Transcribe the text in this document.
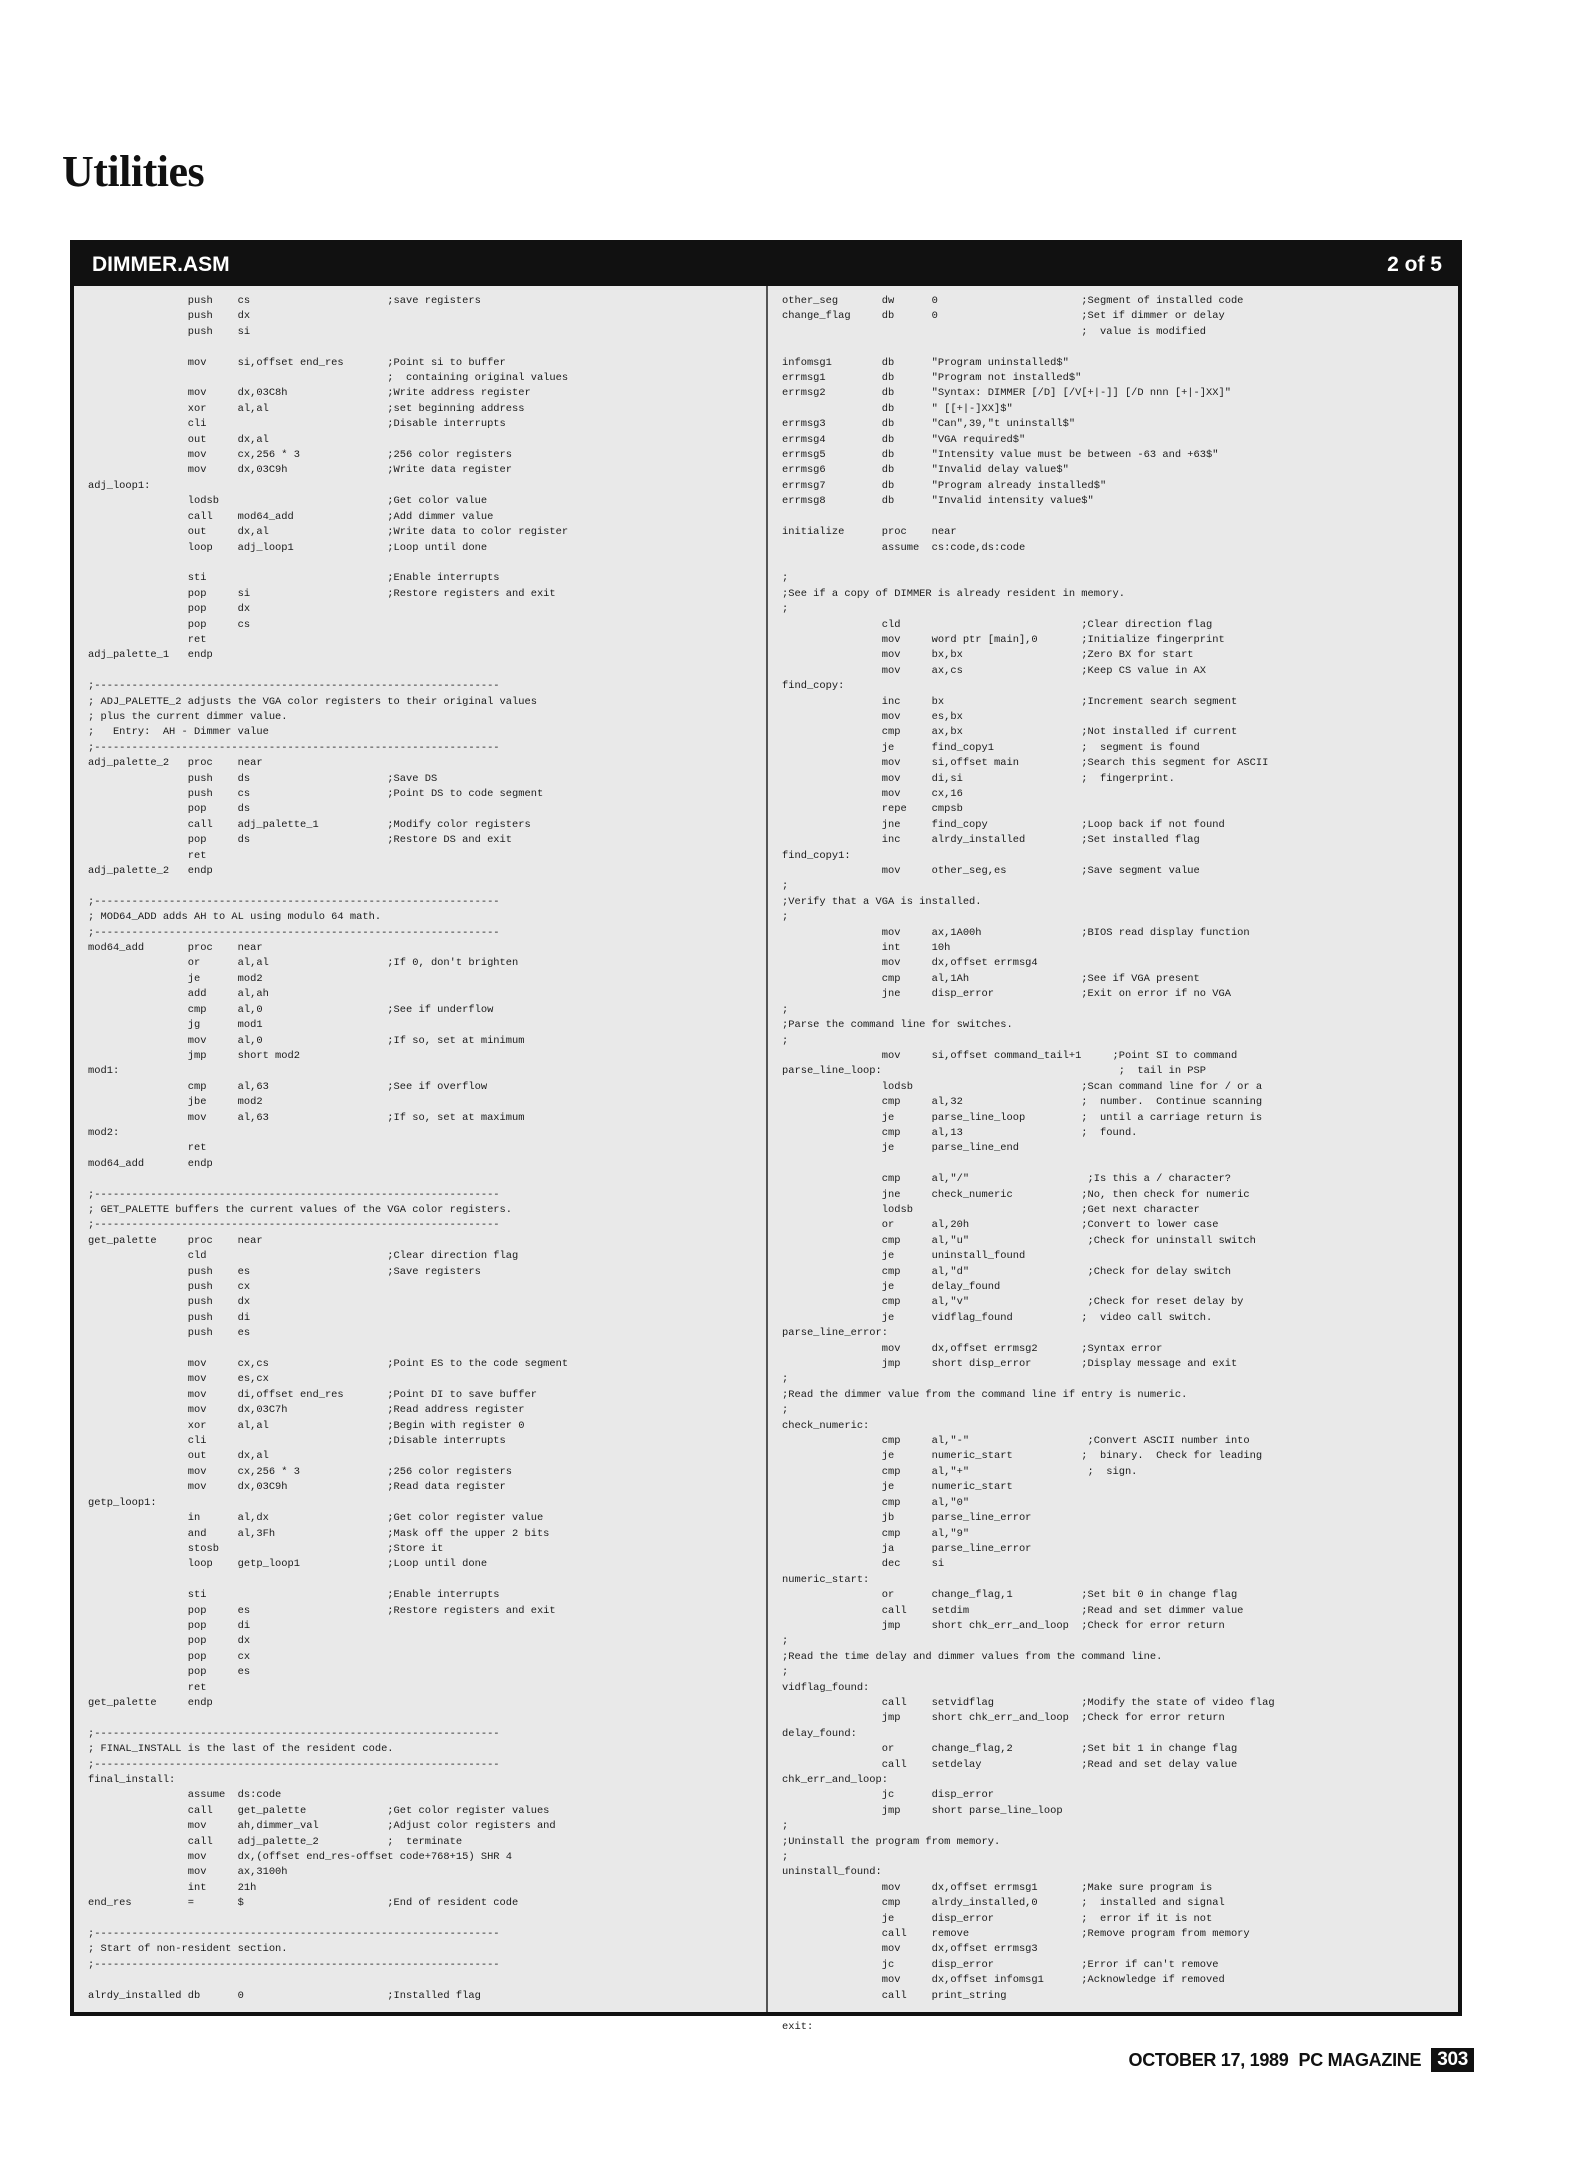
Utilities
DIMMER.ASM	2 of 5
push    cs                      ;save registers
push    dx
push    si

mov     si,offset end_res       ;Point si to buffer
;  containing original values
mov     dx,03C8h                ;Write address register
xor     al,al                   ;set beginning address
cli                             ;Disable interrupts
out     dx,al
mov     cx,256 * 3              ;256 color registers
mov     dx,03C9h                ;Write data register
adj_loop1:
lodsb                           ;Get color value
call    mod64_add               ;Add dimmer value
out     dx,al                   ;Write data to color register
loop    adj_loop1               ;Loop until done

sti                             ;Enable interrupts
pop     si                      ;Restore registers and exit
pop     dx
pop     cs
ret
adj_palette_1   endp

;-----------------------------------------------------------------
; ADJ_PALETTE_2 adjusts the VGA color registers to their original values
; plus the current dimmer value.
;   Entry:  AH - Dimmer value
;-----------------------------------------------------------------
adj_palette_2   proc    near
push    ds                      ;Save DS
push    cs                      ;Point DS to code segment
pop     ds
call    adj_palette_1           ;Modify color registers
pop     ds                      ;Restore DS and exit
ret
adj_palette_2   endp

;-----------------------------------------------------------------
; MOD64_ADD adds AH to AL using modulo 64 math.
;-----------------------------------------------------------------
mod64_add       proc    near
or      al,al                   ;If 0, don't brighten
je      mod2
add     al,ah
cmp     al,0                    ;See if underflow
jg      mod1
mov     al,0                    ;If so, set at minimum
jmp     short mod2
mod1:
cmp     al,63                   ;See if overflow
jbe     mod2
mov     al,63                   ;If so, set at maximum
mod2:
ret
mod64_add       endp

;-----------------------------------------------------------------
; GET_PALETTE buffers the current values of the VGA color registers.
;-----------------------------------------------------------------
get_palette     proc    near
cld                             ;Clear direction flag
push    es                      ;Save registers
push    cx
push    dx
push    di
push    es

mov     cx,cs                   ;Point ES to the code segment
mov     es,cx
mov     di,offset end_res       ;Point DI to save buffer
mov     dx,03C7h                ;Read address register
xor     al,al                   ;Begin with register 0
cli                             ;Disable interrupts
out     dx,al
mov     cx,256 * 3              ;256 color registers
mov     dx,03C9h                ;Read data register
getp_loop1:
in      al,dx                   ;Get color register value
and     al,3Fh                  ;Mask off the upper 2 bits
stosb                           ;Store it
loop    getp_loop1              ;Loop until done

sti                             ;Enable interrupts
pop     es                      ;Restore registers and exit
pop     di
pop     dx
pop     cx
pop     es
ret
get_palette     endp

;-----------------------------------------------------------------
; FINAL_INSTALL is the last of the resident code.
;-----------------------------------------------------------------
final_install:
assume  ds:code
call    get_palette             ;Get color register values
mov     ah,dimmer_val           ;Adjust color registers and
call    adj_palette_2           ;  terminate
mov     dx,(offset end_res-offset code+768+15) SHR 4
mov     ax,3100h
int     21h
end_res         =       $                       ;End of resident code

;-----------------------------------------------------------------
; Start of non-resident section.
;-----------------------------------------------------------------

alrdy_installed db      0                       ;Installed flag
other_seg       dw      0                       ;Segment of installed code
change_flag     db      0                       ;Set if dimmer or delay
;  value is modified

infomsg1        db      "Program uninstalled$"
errmsg1         db      "Program not installed$"
errmsg2         db      "Syntax: DIMMER [/D] [/V[+|-]] [/D nnn [+|-]XX]"
db      " [[+|-]XX]$"
errmsg3         db      "Can",39,"t uninstall$"
errmsg4         db      "VGA required$"
errmsg5         db      "Intensity value must be between -63 and +63$"
errmsg6         db      "Invalid delay value$"
errmsg7         db      "Program already installed$"
errmsg8         db      "Invalid intensity value$"

initialize      proc    near
assume  cs:code,ds:code

;
;See if a copy of DIMMER is already resident in memory.
;
cld                             ;Clear direction flag
mov     word ptr [main],0       ;Initialize fingerprint
mov     bx,bx                   ;Zero BX for start
mov     ax,cs                   ;Keep CS value in AX
find_copy:
inc     bx                      ;Increment search segment
mov     es,bx
cmp     ax,bx                   ;Not installed if current
je      find_copy1              ;  segment is found
mov     si,offset main          ;Search this segment for ASCII
mov     di,si                   ;  fingerprint.
mov     cx,16
repe    cmpsb
jne     find_copy               ;Loop back if not found
inc     alrdy_installed         ;Set installed flag
find_copy1:
mov     other_seg,es            ;Save segment value
;
;Verify that a VGA is installed.
;
mov     ax,1A00h                ;BIOS read display function
int     10h
mov     dx,offset errmsg4
cmp     al,1Ah                  ;See if VGA present
jne     disp_error              ;Exit on error if no VGA
;
;Parse the command line for switches.
;
mov     si,offset command_tail+1     ;Point SI to command
parse_line_loop:                                      ;  tail in PSP
lodsb                           ;Scan command line for / or a
cmp     al,32                   ;  number.  Continue scanning
je      parse_line_loop         ;  until a carriage return is
cmp     al,13                   ;  found.
je      parse_line_end

cmp     al,"/"                   ;Is this a / character?
jne     check_numeric           ;No, then check for numeric
lodsb                           ;Get next character
or      al,20h                  ;Convert to lower case
cmp     al,"u"                   ;Check for uninstall switch
je      uninstall_found
cmp     al,"d"                   ;Check for delay switch
je      delay_found
cmp     al,"v"                   ;Check for reset delay by
je      vidflag_found           ;  video call switch.
parse_line_error:
mov     dx,offset errmsg2       ;Syntax error
jmp     short disp_error        ;Display message and exit
;
;Read the dimmer value from the command line if entry is numeric.
;
check_numeric:
cmp     al,"-"                   ;Convert ASCII number into
je      numeric_start           ;  binary.  Check for leading
cmp     al,"+"                   ;  sign.
je      numeric_start
cmp     al,"0"
jb      parse_line_error
cmp     al,"9"
ja      parse_line_error
dec     si
numeric_start:
or      change_flag,1           ;Set bit 0 in change flag
call    setdim                  ;Read and set dimmer value
jmp     short chk_err_and_loop  ;Check for error return
;
;Read the time delay and dimmer values from the command line.
;
vidflag_found:
call    setvidflag              ;Modify the state of video flag
jmp     short chk_err_and_loop  ;Check for error return
delay_found:
or      change_flag,2           ;Set bit 1 in change flag
call    setdelay                ;Read and set delay value
chk_err_and_loop:
jc      disp_error
jmp     short parse_line_loop
;
;Uninstall the program from memory.
;
uninstall_found:
mov     dx,offset errmsg1       ;Make sure program is
cmp     alrdy_installed,0       ;  installed and signal
je      disp_error              ;  error if it is not
call    remove                  ;Remove program from memory
mov     dx,offset errmsg3
jc      disp_error              ;Error if can't remove
mov     dx,offset infomsg1      ;Acknowledge if removed
call    print_string

exit:
OCTOBER 17, 1989 PC MAGAZINE 303
